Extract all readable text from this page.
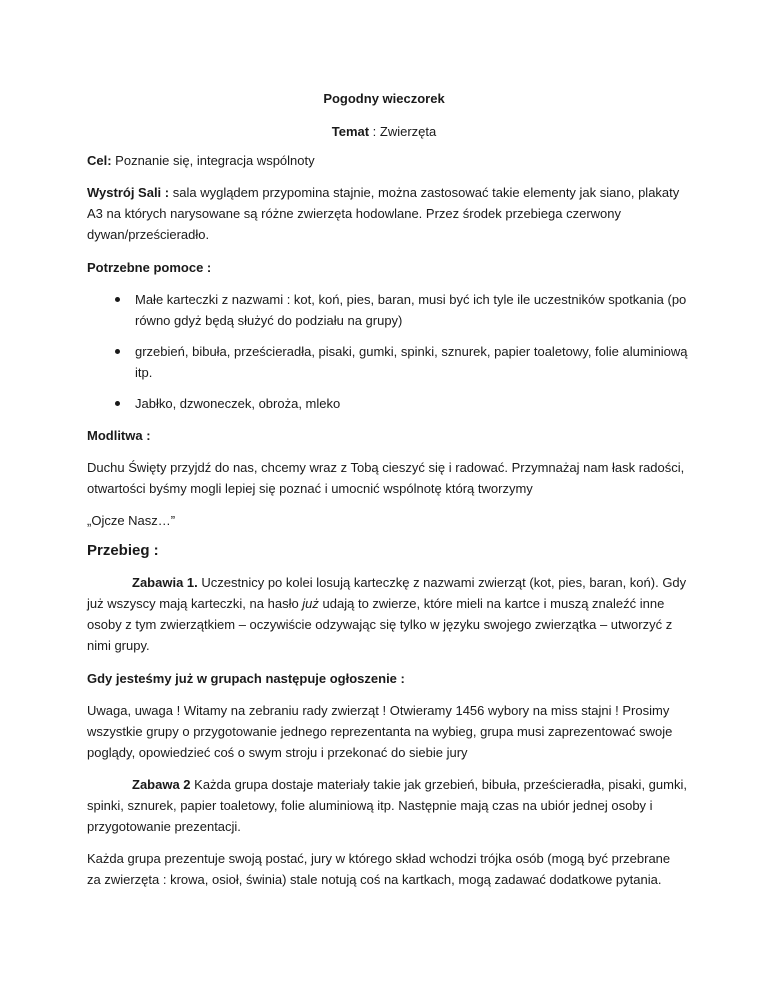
Pogodny wieczorek

Temat : Zwierzęta

Cel: Poznanie się, integracja wspólnoty

Wystrój Sali : sala wyglądem przypomina stajnie, można zastosować takie elementy jak siano, plakaty A3 na których narysowane są różne zwierzęta hodowlane. Przez środek przebiega czerwony dywan/prześcieradło.

Potrzebne pomoce :

Małe karteczki z nazwami : kot, koń, pies, baran, musi być ich tyle ile uczestników spotkania (po równo gdyż będą służyć do podziału na grupy)
grzebień, bibuła, prześcieradła, pisaki, gumki, spinki, sznurek, papier toaletowy, folie aluminiową itp.
Jabłko, dzwoneczek, obroża, mleko

Modlitwa :

Duchu Święty przyjdź do nas, chcemy wraz z Tobą cieszyć się i radować. Przymnażaj nam łask radości, otwartości byśmy mogli lepiej się poznać i umocnić wspólnotę którą tworzymy

„Ojcze Nasz…”

Przebieg :

Zabawia 1. Uczestnicy po kolei losują karteczkę z nazwami zwierząt (kot, pies, baran, koń). Gdy już wszyscy mają karteczki, na hasło już udają to zwierze, które mieli na kartce i muszą znaleźć inne osoby z tym zwierzątkiem – oczywiście odzywając się tylko w języku swojego zwierzątka – utworzyć z nimi grupy.

Gdy jesteśmy już w grupach następuje ogłoszenie :

Uwaga, uwaga ! Witamy na zebraniu rady zwierząt ! Otwieramy 1456 wybory na miss stajni ! Prosimy wszystkie grupy o przygotowanie jednego reprezentanta na wybieg, grupa musi zaprezentować swoje poglądy, opowiedzieć coś o swym stroju i przekonać do siebie jury

Zabawa 2 Każda grupa dostaje materiały takie jak grzebień, bibuła, prześcieradła, pisaki, gumki, spinki, sznurek, papier toaletowy, folie aluminiową itp. Następnie mają czas na ubiór jednej osoby i przygotowanie prezentacji.

Każda grupa prezentuje swoją postać, jury w którego skład wchodzi trójka osób (mogą być przebrane za zwierzęta : krowa, osioł, świnia) stale notują coś na kartkach, mogą zadawać dodatkowe pytania.
